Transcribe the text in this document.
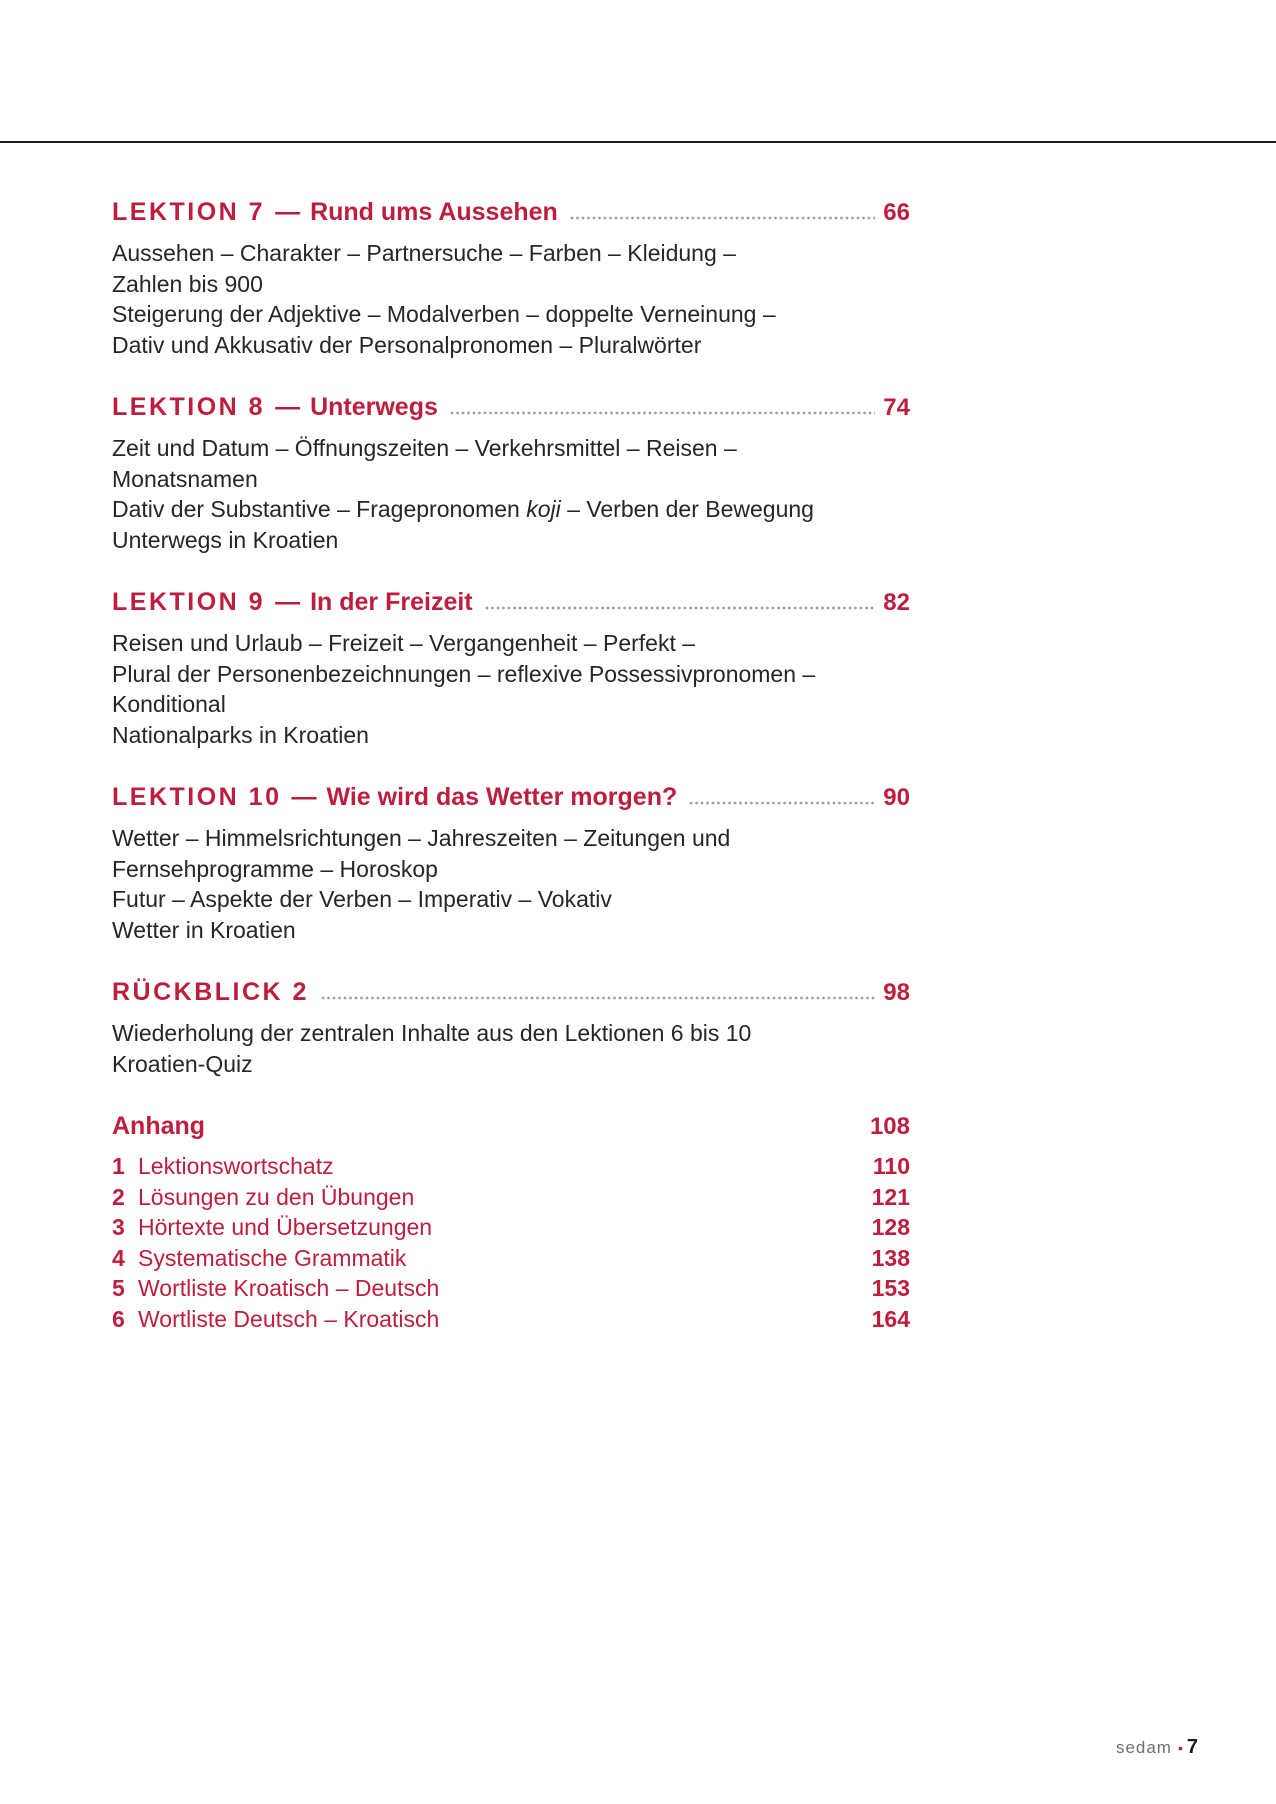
LEKTION 7 — Rund ums Aussehen	66
Aussehen – Charakter – Partnersuche – Farben – Kleidung –
Zahlen bis 900
Steigerung der Adjektive – Modalverben – doppelte Verneinung –
Dativ und Akkusativ der Personalpronomen – Pluralwörter
LEKTION 8 — Unterwegs	74
Zeit und Datum – Öffnungszeiten – Verkehrsmittel – Reisen –
Monatsnamen
Dativ der Substantive – Fragepronomen koji – Verben der Bewegung
Unterwegs in Kroatien
LEKTION 9 — In der Freizeit	82
Reisen und Urlaub – Freizeit – Vergangenheit – Perfekt –
Plural der Personenbezeichnungen – reflexive Possessivpronomen –
Konditional
Nationalparks in Kroatien
LEKTION 10 — Wie wird das Wetter morgen?	90
Wetter – Himmelsrichtungen – Jahreszeiten – Zeitungen und
Fernsehprogramme – Horoskop
Futur – Aspekte der Verben – Imperativ – Vokativ
Wetter in Kroatien
RÜCKBLICK 2	98
Wiederholung der zentralen Inhalte aus den Lektionen 6 bis 10
Kroatien-Quiz
Anhang	108
1 Lektionswortschatz	110
2 Lösungen zu den Übungen	121
3 Hörtexte und Übersetzungen	128
4 Systematische Grammatik	138
5 Wortliste Kroatisch – Deutsch	153
6 Wortliste Deutsch – Kroatisch	164
sedam • 7
